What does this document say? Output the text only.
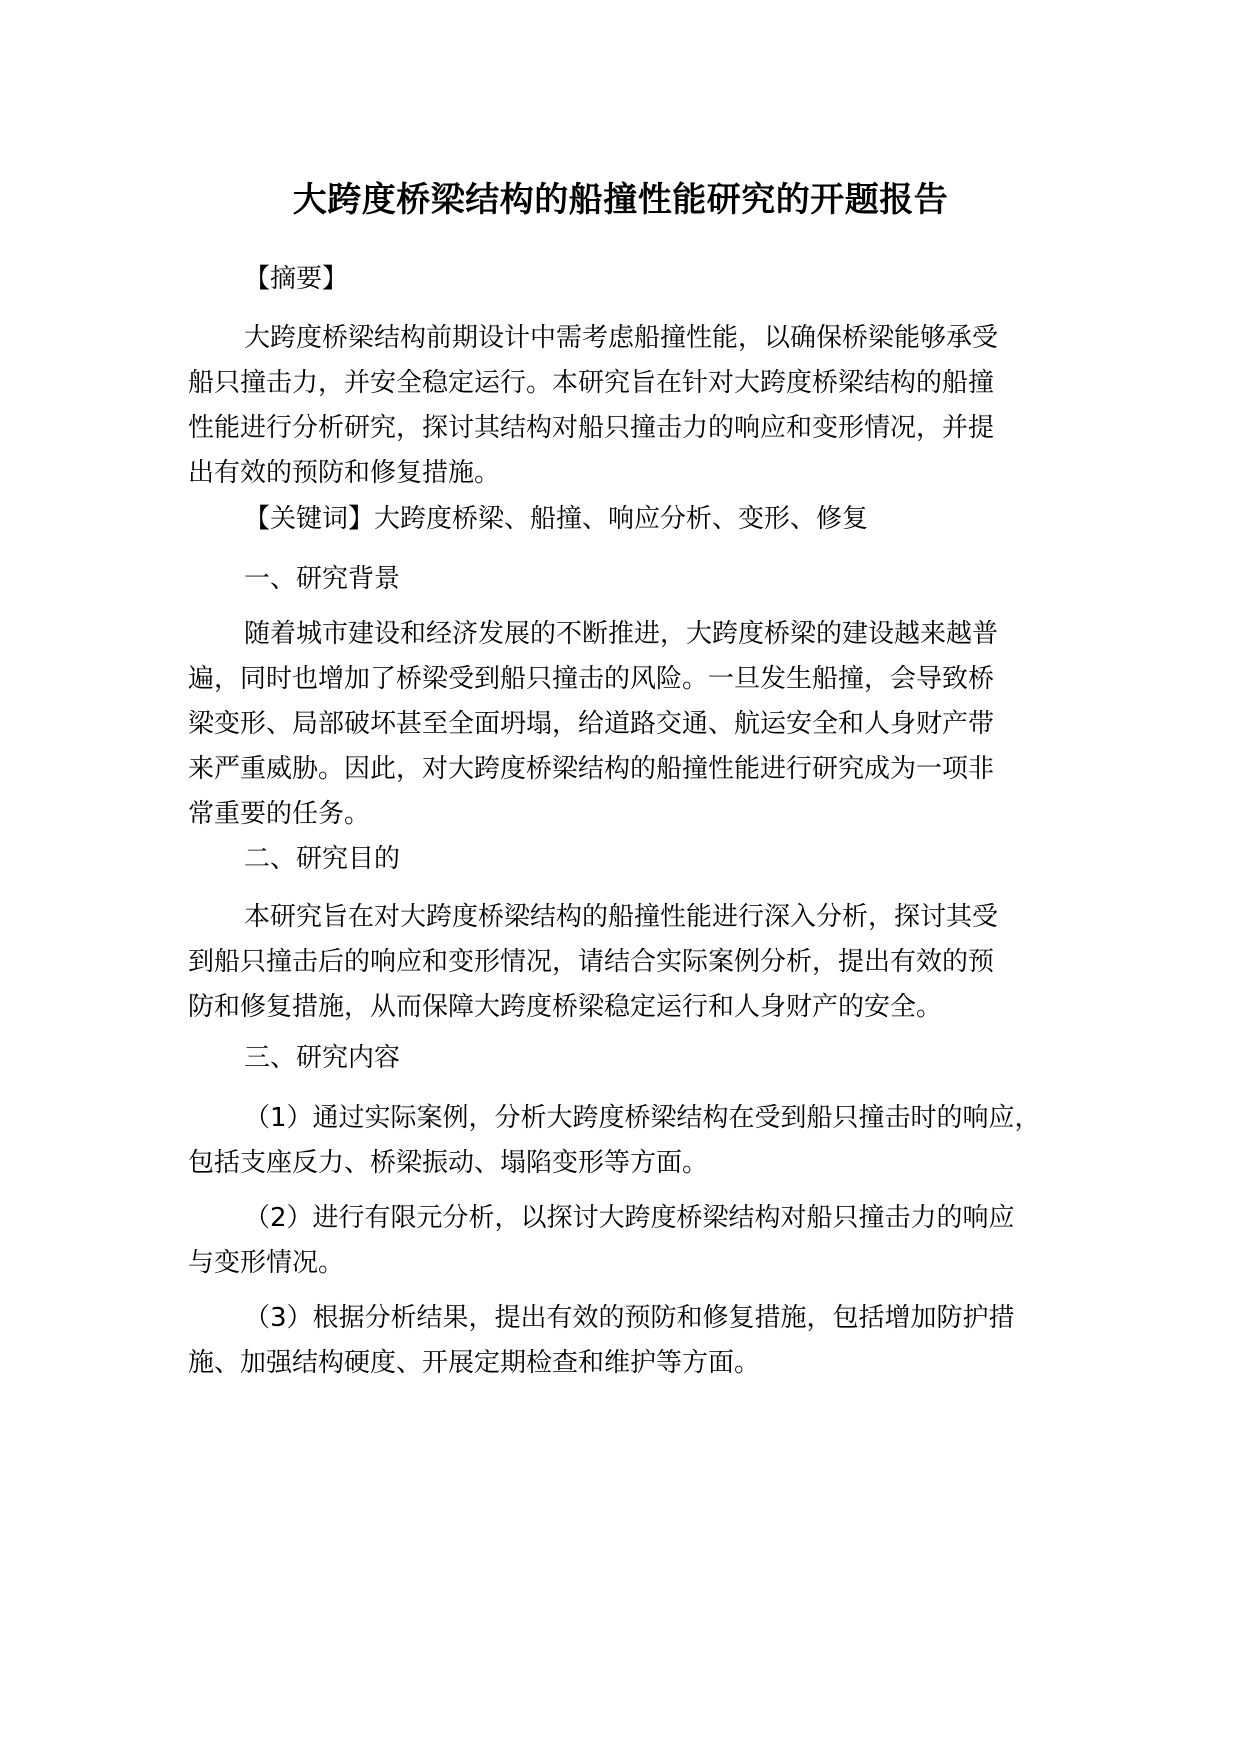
大跨度桥梁结构的船撞性能研究的开题报告
【摘要】
大跨度桥梁结构前期设计中需考虑船撞性能，以确保桥梁能够承受
船只撞击力，并安全稳定运行。本研究旨在针对大跨度桥梁结构的船撞
性能进行分析研究，探讨其结构对船只撞击力的响应和变形情况，并提
出有效的预防和修复措施。
【关键词】大跨度桥梁、船撞、响应分析、变形、修复
一、研究背景
随着城市建设和经济发展的不断推进，大跨度桥梁的建设越来越普
遍，同时也增加了桥梁受到船只撞击的风险。一旦发生船撞，会导致桥
梁变形、局部破坏甚至全面坍塌，给道路交通、航运安全和人身财产带
来严重威胁。因此，对大跨度桥梁结构的船撞性能进行研究成为一项非
常重要的任务。
二、研究目的
本研究旨在对大跨度桥梁结构的船撞性能进行深入分析，探讨其受
到船只撞击后的响应和变形情况，请结合实际案例分析，提出有效的预
防和修复措施，从而保障大跨度桥梁稳定运行和人身财产的安全。
三、研究内容
（1）通过实际案例，分析大跨度桥梁结构在受到船只撞击时的响应，
包括支座反力、桥梁振动、塌陷变形等方面。
（2）进行有限元分析，以探讨大跨度桥梁结构对船只撞击力的响应
与变形情况。
（3）根据分析结果，提出有效的预防和修复措施，包括增加防护措
施、加强结构硬度、开展定期检查和维护等方面。
